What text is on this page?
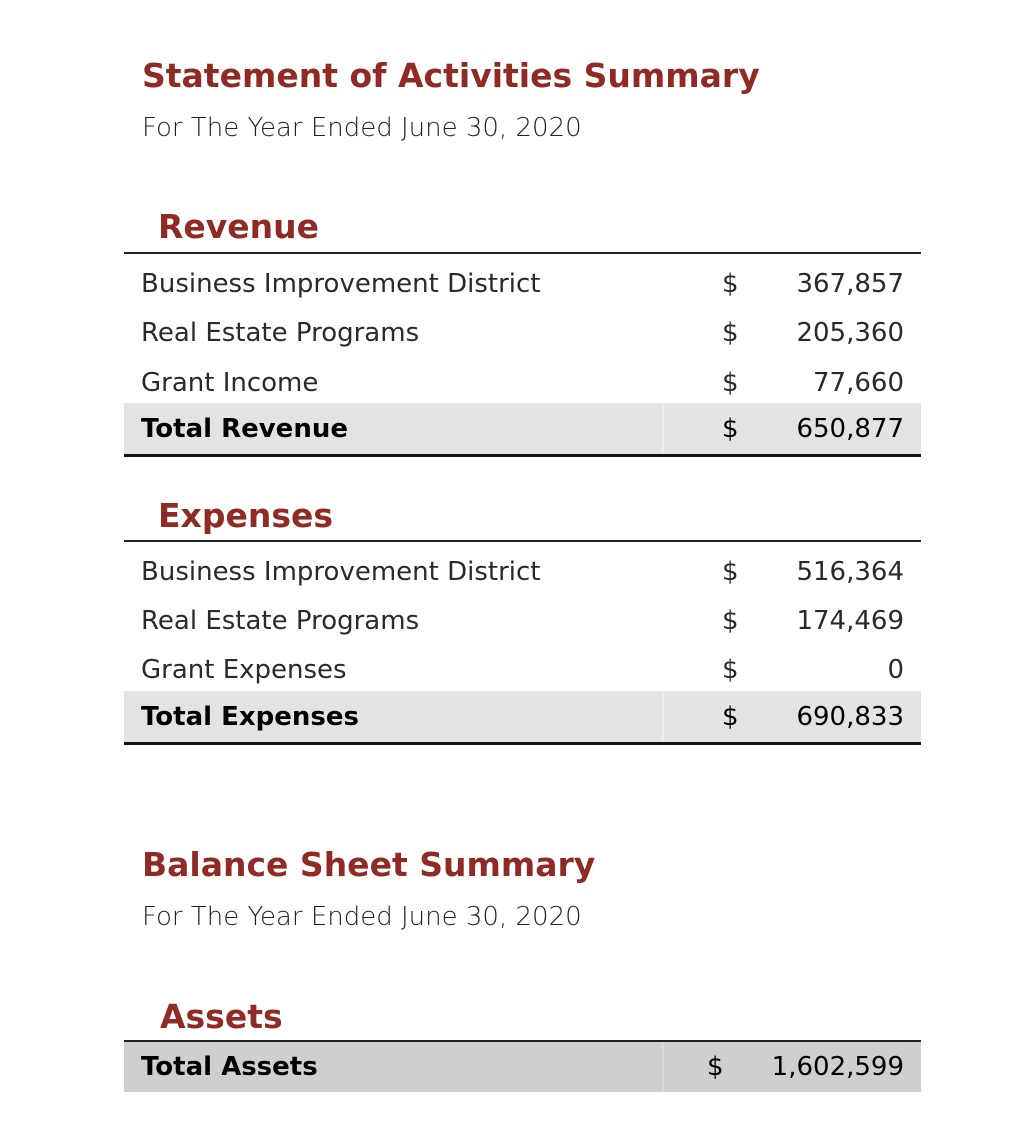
Statement of Activities Summary
For The Year Ended June 30, 2020
Revenue
Business Improvement District	$ 367,857
Real Estate Programs	$ 205,360
Grant Income	$	77,660
Total Revenue	$ 650,877
Expenses
Business Improvement District	$ 516,364
Real Estate Programs	$ 174,469
Grant Expenses	$	0
Total Expenses	$ 690,833
Balance Sheet Summary
For The Year Ended June 30, 2020
Assets
Total Assets	$ 1,602,599
